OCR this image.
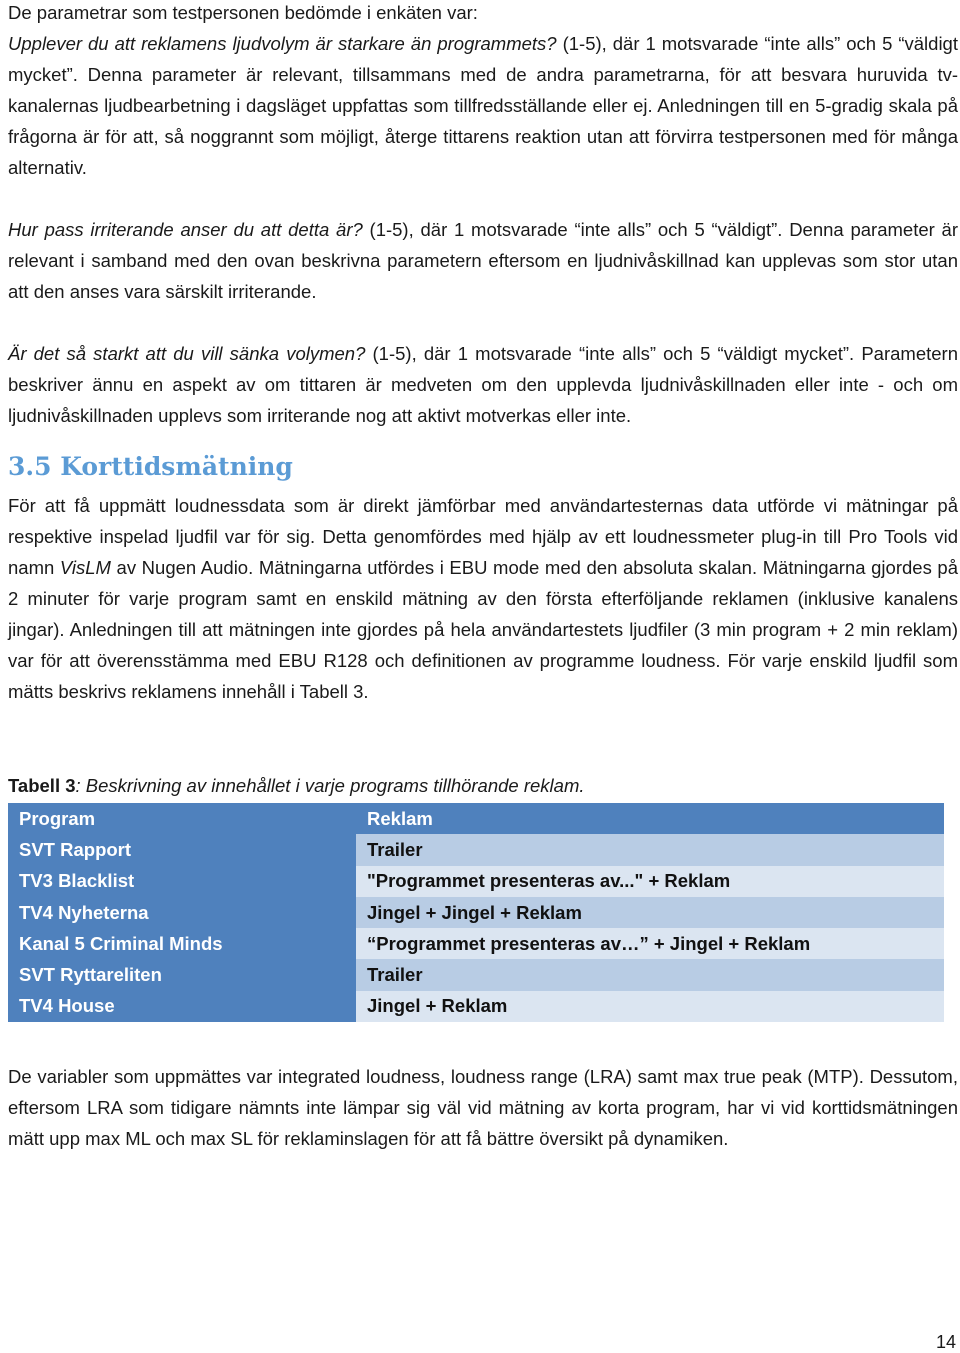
De parametrar som testpersonen bedömde i enkäten var:

Upplever du att reklamens ljudvolym är starkare än programmets? (1-5), där 1 motsvarade “inte alls” och 5 “väldigt mycket”. Denna parameter är relevant, tillsammans med de andra parametrarna, för att besvara huruvida tv-kanalernas ljudbearbetning i dagsläget uppfattas som tillfredsställande eller ej. Anledningen till en 5-gradig skala på frågorna är för att, så noggrannt som möjligt, återge tittarens reaktion utan att förvirra testpersonen med för många alternativ.

Hur pass irriterande anser du att detta är? (1-5), där 1 motsvarade “inte alls” och 5 “väldigt”. Denna parameter är relevant i samband med den ovan beskrivna parametern eftersom en ljudnivåskillnad kan upplevas som stor utan att den anses vara särskilt irriterande.

Är det så starkt att du vill sänka volymen? (1-5), där 1 motsvarade “inte alls” och 5 “väldigt mycket”. Parametern beskriver ännu en aspekt av om tittaren är medveten om den upplevda ljudnivåskillnaden eller inte - och om ljudnivåskillnaden upplevs som irriterande nog att aktivt motverkas eller inte.

3.5 Korttidsmätning

För att få uppmätt loudnessdata som är direkt jämförbar med användartesternas data utförde vi mätningar på respektive inspelad ljudfil var för sig. Detta genomfördes med hjälp av ett loudnessmeter plug-in till Pro Tools vid namn VisLM av Nugen Audio. Mätningarna utfördes i EBU mode med den absoluta skalan. Mätningarna gjordes på 2 minuter för varje program samt en enskild mätning av den första efterföljande reklamen (inklusive kanalens jingar). Anledningen till att mätningen inte gjordes på hela användartestets ljudfiler (3 min program + 2 min reklam) var för att överensstämma med EBU R128 och definitionen av programme loudness. För varje enskild ljudfil som mätts beskrivs reklamens innehåll i Tabell 3.

Tabell 3: Beskrivning av innehållet i varje programs tillhörande reklam.
Program	Reklam
SVT Rapport	Trailer
TV3 Blacklist	"Programmet presenteras av..." + Reklam
TV4 Nyheterna	Jingel + Jingel + Reklam
Kanal 5 Criminal Minds	“Programmet presenteras av…” + Jingel + Reklam
SVT Ryttareliten	Trailer
TV4 House	Jingel + Reklam

De variabler som uppmättes var integrated loudness, loudness range (LRA) samt max true peak (MTP). Dessutom, eftersom LRA som tidigare nämnts inte lämpar sig väl vid mätning av korta program, har vi vid korttidsmätningen mätt upp max ML och max SL för reklaminslagen för att få bättre översikt på dynamiken.

14
